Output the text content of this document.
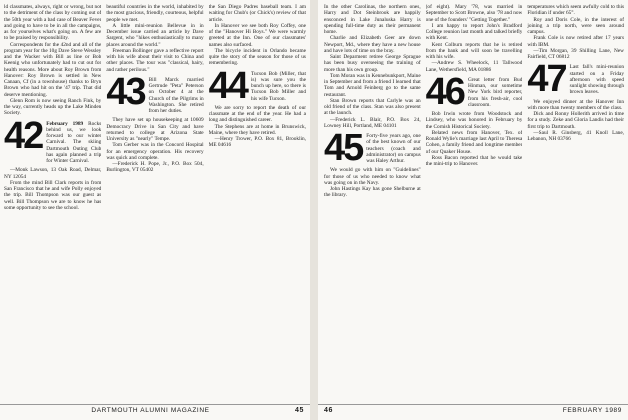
ld classmates, always, right or wrong, but not to the detriment of the class by coming out of the 50th year with a bad case of Beaver Fever and going to have to be in all the campaigns, as for yourselves what's going on. A few are to be praised by responsibility.

Correspondents for the 42nd and all of the program year for the 10g Dave Steve Wessley and the Wacker with Bill as line or Bob Keenig who unfortunately had to cut out for health reasons. More about Roy Brown from Hanover: Roy Brown is settled in New Canaan, Cf (in a townhouse) thanks to Bryn Brown who had hit on the '47 trip. That did deserve mentioning.

Glenn Rom is now seeing Ranch Fink, by the way, currently heads up the Lake Minden Society.

42 February 1989 Rocks behind us, we look forward to our winter Carnival. The skiing Dartmouth Outing Club has again planned a trip for Winter Carnival.

—Monk Lawson, 13 Oak Road, Delmar, NY 12054

From the mind Bill Clark reports in from San Francisco that he and wife Polly enjoyed the trip. Bill Thompson was our guest as well. Bill Thompson we are to know he has some opportunity to see the school.

beautiful countries in the world, inhabited by the most gracious, friendly, courteous, helpful people we met.

A little mini-reunion Bellevue in in December issue carried an article by Dave Sargent, who "hikes enthusiastically to many places around the world."

Freeman Bollinger gave a reflective report with his wife about their visit to China and other places. The tour was "classical, hairy, and rather perilous."

43 Bill Marck married Gertrude "Peta" Peterson on October 4 at the Church of the Pilgrims in Washington. She retired from her duties.

They have set up housekeeping at 10609 Democracy Drive in San City and have returned to college at Arizona State University as "nearly" Tempe.

Tom Gerber was in the Concord Hospital for an emergency operation. His recovery was quick and complete.

—Frederick H. Pope, Jr., P.O. Box 504, Burlington, VT 05402

the San Diego Padres baseball team. I am waiting for Chub's (or Chick's) review of that article.

In Hanover we see both Roy Coffey, one of the "Hanover Hi Boys." We were warmly greeted at the Inn. One of our classmates' names also surfaced.

The bicycle incident in Orlando became quite the story of the season for those of us remembering.

44 Tucson Bob (Miller, that is) was sure you the bunch up here, so there is Tucson Bob Miller and his wife Tucson.

We are sorry to report the death of our classmate at the end of the year. He had a long and distinguished career.

The Stephens are at home in Brunswick, Maine, where they have retired.

—Henry Trower, P.O. Box 81, Brooklin, ME 04616

DARTMOUTH ALUMNI MAGAZINE	45

In the other Carolinas, the northern ones, Harry and Dot Steinbrook are happily ensconced in Lake Junaluska Harry is spending full-time duty as their permanent home.

Charlie and Elizabeth Geer are down Newport, Md., where they have a new house and have lots of time on the bray.

Saint Deparment retiree George Sprague has been busy overseeing the training of more than his own group.

Tom Moran was in Kennebunkport, Maine in September and from a friend I learned that Tom and Arnold Feinberg go to the same restaurant.

Stan Brown reports that Carlyle was an old friend of the class. Stan was also present at the launch.

—Frederick L. Blair, P.O. Box 24, Lowney Hill, Portland, ME 04101

45 Forty-five years ago, one of the best known of our teachers (coach and administrator) on campus was Haley Arthur.

We would go with him on "Guidelines" for those of us who needed to know what was going on in the Navy.

John Hastings Kay has gone Shelburne at the library.

(of eight). Mary '78, was married in September to Scott Browne, also '78 and now one of the founders' "Getting Together."

I am happy to report John's Bradford College reunion last month and talked briefly with Kent.

Kent Colburn reports that he is retired from the bank and will soon be travelling with his wife.

—Andrew S. Wheelock, 11 Tallwood Lane, Wethersfield, MA 01886

46 Great letter from Bud Hinman, our sometime New York bird reporter, from his fresh-air, cool classroom.

Bob Irwin wrote from Woodstock and Lindsey, who was honored in February by the Cornish Historical Society.

Belated news from Hanover, Tex. of Ronald Wylie's marriage last April to Theresa Cohen, a family friend and longtime member of our Quaker House.

Ross Bacon reported that he would take the mini-trip to Hanover.

temperatures which seem awfully cold to this Floridian if under 65°.

Roy and Doris Cole, in the interest of joining a trip north, were seen around campus.

Frank Cole is now retired after 17 years with IBM.

—Tim Morgan, 39 Shilling Lane, New Fairfield, CT 06812

47 Last fall's mini-reunion started on a Friday afternoon with speed sunlight showing through brown leaves.

We enjoyed dinner at the Hanover Inn with more than twenty members of the class.

Dick and Ronny Hollerith arrived in time for a study. Zeke and Gloria Landis had their first trip to Dartmouth.

—Saul R. Ginsberg, 41 Knoll Lane, Lebanon, NH 03766

46	FEBRUARY 1989
